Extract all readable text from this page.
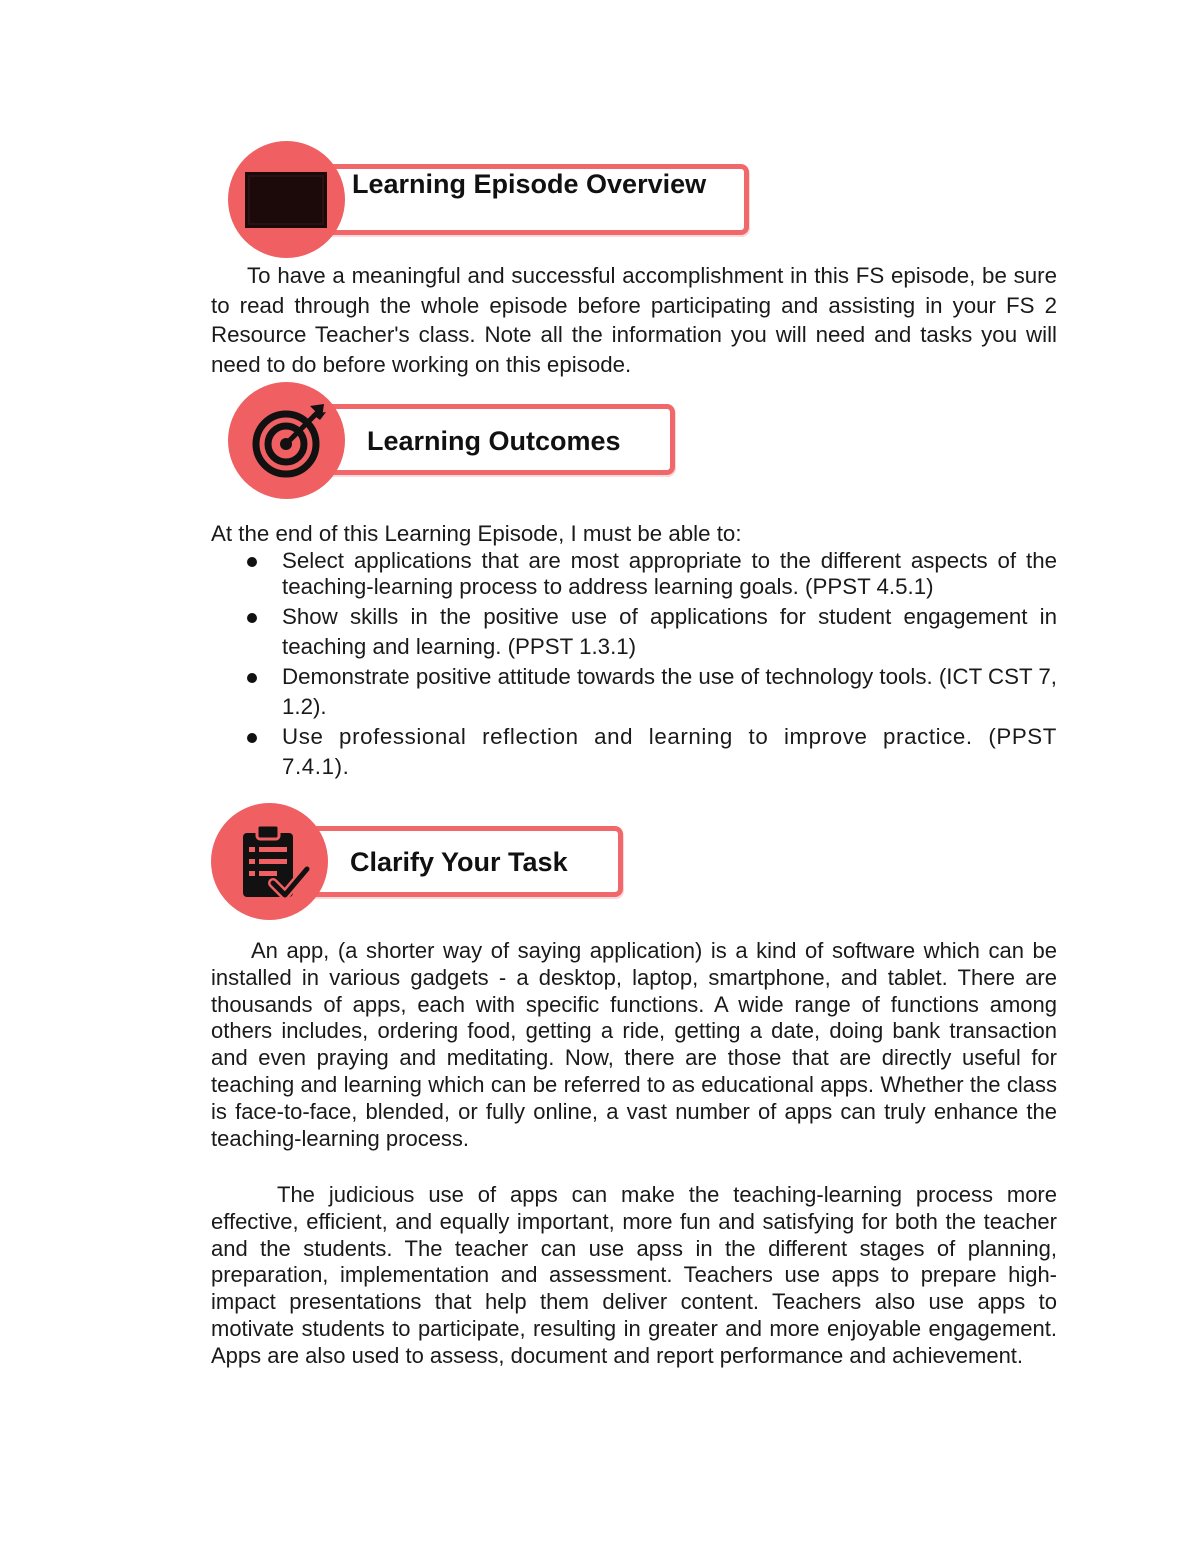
Learning Episode Overview

To have a meaningful and successful accomplishment in this FS episode, be sure to read through the whole episode before participating and assisting in your FS 2 Resource Teacher's class. Note all the information you will need and tasks you will need to do before working on this episode.

Learning Outcomes

At the end of this Learning Episode, I must be able to:

Select applications that are most appropriate to the different aspects of the teaching-learning process to address learning goals. (PPST 4.5.1)
Show skills in the positive use of applications for student engagement in teaching and learning. (PPST 1.3.1)
Demonstrate positive attitude towards the use of technology tools. (ICT CST 7, 1.2).
Use professional reflection and learning to improve practice. (PPST 7.4.1).
Clarify Your Task

An app, (a shorter way of saying application) is a kind of software which can be installed in various gadgets - a desktop, laptop, smartphone, and tablet. There are thousands of apps, each with specific functions. A wide range of functions among others includes, ordering food, getting a ride, getting a date, doing bank transaction and even praying and meditating. Now, there are those that are directly useful for teaching and learning which can be referred to as educational apps. Whether the class is face-to-face, blended, or fully online, a vast number of apps can truly enhance the teaching-learning process.

The judicious use of apps can make the teaching-learning process more effective, efficient, and equally important, more fun and satisfying for both the teacher and the students. The teacher can use apss in the different stages of planning, preparation, implementation and assessment. Teachers use apps to prepare high-impact presentations that help them deliver content. Teachers also use apps to motivate students to participate, resulting in greater and more enjoyable engagement. Apps are also used to assess, document and report performance and achievement.
